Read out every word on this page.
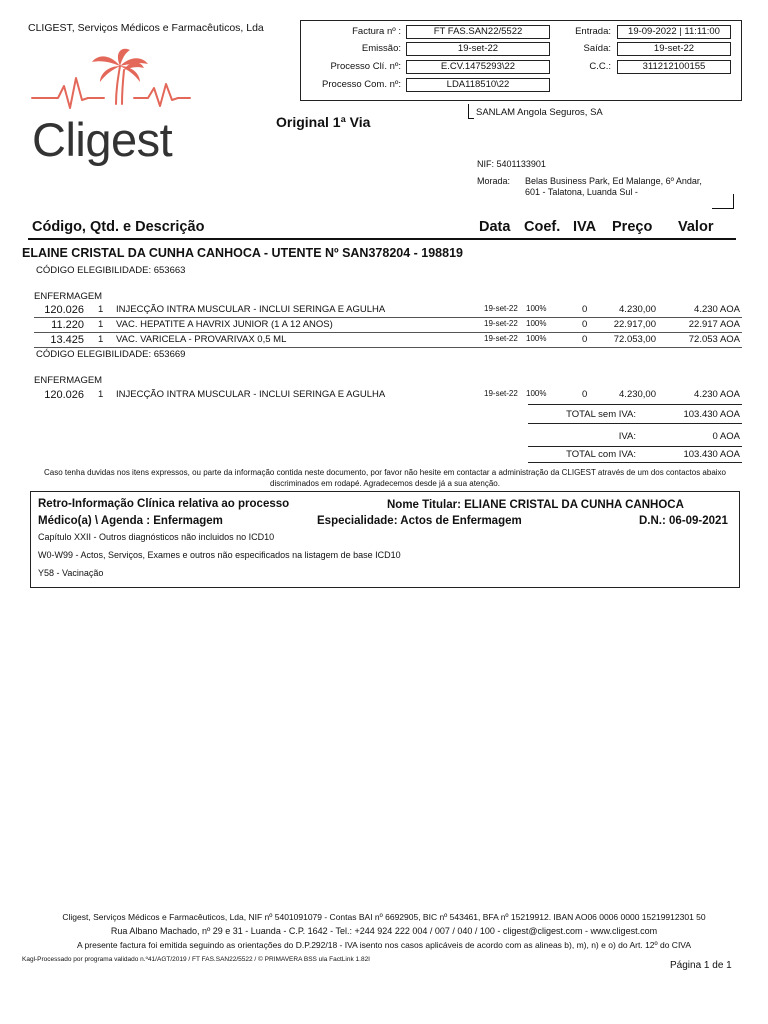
CLIGEST, Serviços Médicos e Farmacêuticos, Lda
Cligest
Factura nº :	FT FAS.SAN22/5522
Emissão:	19-set-22
Processo Clí. nº:	E.CV.1475293\22
Processo Com. nº:	LDA118510\22
Entrada:	19-09-2022 | 11:11:00
Saída:	19-set-22
C.C.:	311212100155
Original 1ª Via
SANLAM Angola Seguros, SA
NIF: 5401133901
Morada: Belas Business Park, Ed Malange, 6º Andar, 601 - Talatona, Luanda Sul -
Código, Qtd. e Descrição	Data Coef. IVA Preço Valor
ELAINE CRISTAL DA CUNHA CANHOCA - UTENTE Nº SAN378204 - 198819
CÓDIGO ELEGIBILIDADE: 653663
ENFERMAGEM
120.026 1 INJECÇÃO INTRA MUSCULAR - INCLUI SERINGA E AGULHA	19-set-22 100%	0	4.230,00	4.230 AOA
11.220 1 VAC. HEPATITE A HAVRIX JUNIOR (1 A 12 ANOS)	19-set-22 100%	0	22.917,00	22.917 AOA
13.425 1 VAC. VARICELA - PROVARIVAX 0,5 ML	19-set-22 100%	0	72.053,00	72.053 AOA
CÓDIGO ELEGIBILIDADE: 653669
ENFERMAGEM
120.026 1 INJECÇÃO INTRA MUSCULAR - INCLUI SERINGA E AGULHA	19-set-22 100%	0	4.230,00	4.230 AOA
TOTAL sem IVA:	103.430 AOA
IVA:	0 AOA
TOTAL com IVA:	103.430 AOA
Caso tenha duvidas nos itens expressos, ou parte da informação contida neste documento, por favor não hesite em contactar a administração da CLIGEST através de um dos contactos abaixo discriminados em rodapé. Agradecemos desde já a sua atenção.
Retro-Informação Clínica relativa ao processo	Nome Titular: ELIANE CRISTAL DA CUNHA CANHOCA
Médico(a) \ Agenda : Enfermagem	Especialidade: Actos de Enfermagem	D.N.: 06-09-2021
Capítulo XXII - Outros diagnósticos não incluidos no ICD10
W0-W99 - Actos, Serviços, Exames e outros não especificados na listagem de base ICD10
Y58 - Vacinação
Cligest, Serviços Médicos e Farmacêuticos, Lda, NIF nº 5401091079 - Contas BAI nº 6692905, BIC nº 543461, BFA nº 15219912. IBAN AO06 0006 0000 15219912301 50
Rua Albano Machado, nº 29 e 31 - Luanda - C.P. 1642 - Tel.: +244 924 222 004 / 007 / 040 / 100 - cligest@cligest.com - www.cligest.com
A presente factura foi emitida seguindo as orientações do D.P.292/18 - IVA isento nos casos aplicáveis de acordo com as alineas b), m), n) e o) do Art. 12º do CIVA
Kagl-Processado por programa validado n.º41/AGT/2019 / FT FAS.SAN22/5522 / © PRIMAVERA BSS ula FactLink 1.82I
Página 1 de 1
